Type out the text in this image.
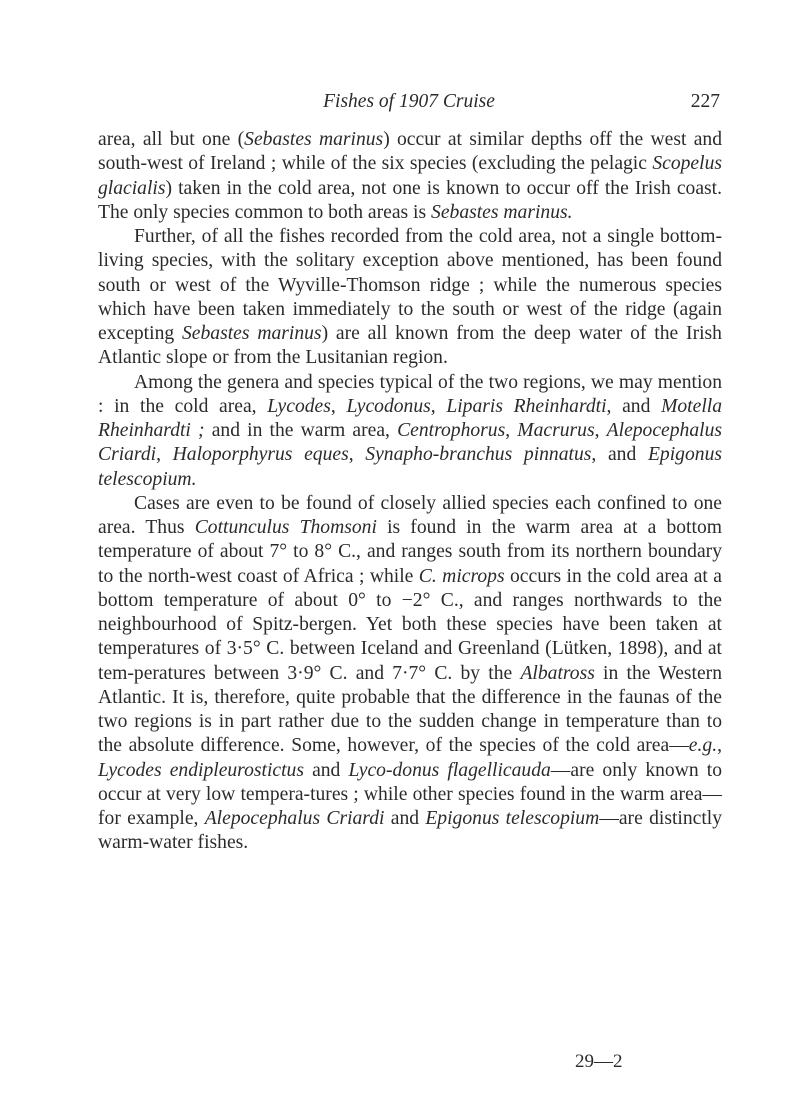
Fishes of 1907 Cruise	227

area, all but one (Sebastes marinus) occur at similar depths off the west and south-west of Ireland ; while of the six species (excluding the pelagic Scopelus glacialis) taken in the cold area, not one is known to occur off the Irish coast. The only species common to both areas is Sebastes marinus.

Further, of all the fishes recorded from the cold area, not a single bottom-living species, with the solitary exception above mentioned, has been found south or west of the Wyville-Thomson ridge ; while the numerous species which have been taken immediately to the south or west of the ridge (again excepting Sebastes marinus) are all known from the deep water of the Irish Atlantic slope or from the Lusitanian region.

Among the genera and species typical of the two regions, we may mention : in the cold area, Lycodes, Lycodonus, Liparis Rheinhardti, and Motella Rheinhardti ; and in the warm area, Centrophorus, Macrurus, Alepocephalus Criardi, Haloporphyrus eques, Synapho-branchus pinnatus, and Epigonus telescopium.

Cases are even to be found of closely allied species each confined to one area. Thus Cottunculus Thomsoni is found in the warm area at a bottom temperature of about 7° to 8° C., and ranges south from its northern boundary to the north-west coast of Africa ; while C. microps occurs in the cold area at a bottom temperature of about 0° to −2° C., and ranges northwards to the neighbourhood of Spitz-bergen. Yet both these species have been taken at temperatures of 3·5° C. between Iceland and Greenland (Lütken, 1898), and at tem-peratures between 3·9° C. and 7·7° C. by the Albatross in the Western Atlantic. It is, therefore, quite probable that the difference in the faunas of the two regions is in part rather due to the sudden change in temperature than to the absolute difference. Some, however, of the species of the cold area—e.g., Lycodes endipleurostictus and Lyco-donus flagellicauda—are only known to occur at very low tempera-tures ; while other species found in the warm area—for example, Alepocephalus Criardi and Epigonus telescopium—are distinctly warm-water fishes.

29—2
